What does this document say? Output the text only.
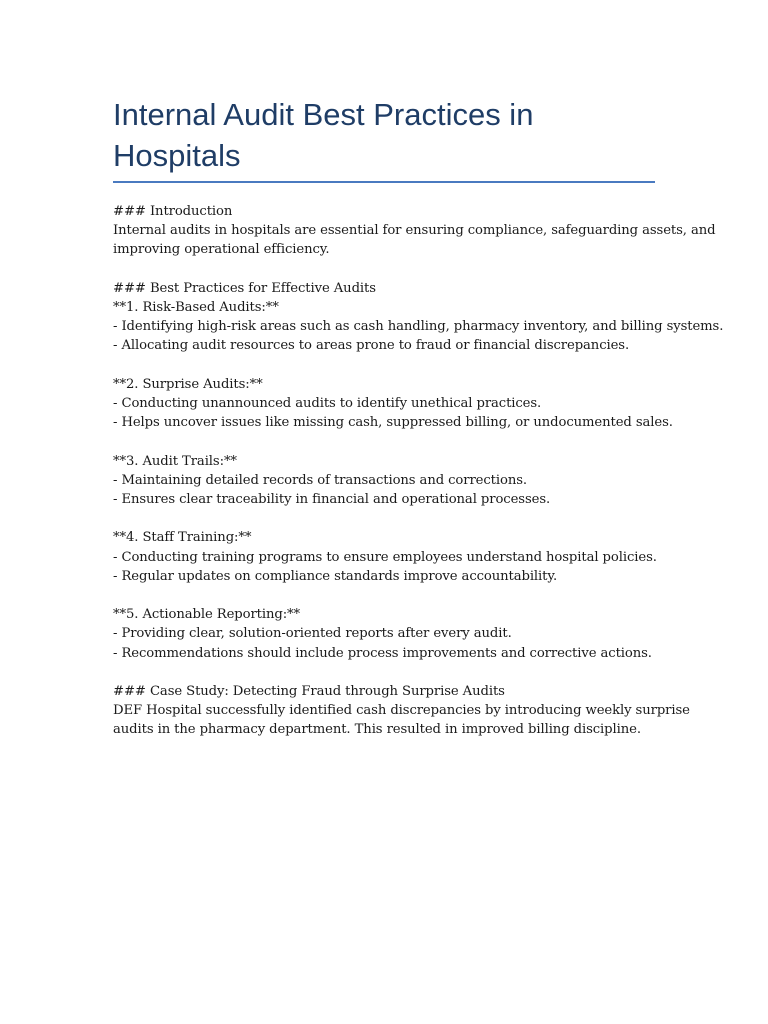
Internal Audit Best Practices in Hospitals
### Introduction
Internal audits in hospitals are essential for ensuring compliance, safeguarding assets, and
improving operational efficiency.
### Best Practices for Effective Audits
**1. Risk-Based Audits:**
- Identifying high-risk areas such as cash handling, pharmacy inventory, and billing systems.
- Allocating audit resources to areas prone to fraud or financial discrepancies.
**2. Surprise Audits:**
- Conducting unannounced audits to identify unethical practices.
- Helps uncover issues like missing cash, suppressed billing, or undocumented sales.
**3. Audit Trails:**
- Maintaining detailed records of transactions and corrections.
- Ensures clear traceability in financial and operational processes.
**4. Staff Training:**
- Conducting training programs to ensure employees understand hospital policies.
- Regular updates on compliance standards improve accountability.
**5. Actionable Reporting:**
- Providing clear, solution-oriented reports after every audit.
- Recommendations should include process improvements and corrective actions.
### Case Study: Detecting Fraud through Surprise Audits
DEF Hospital successfully identified cash discrepancies by introducing weekly surprise
audits in the pharmacy department. This resulted in improved billing discipline.
